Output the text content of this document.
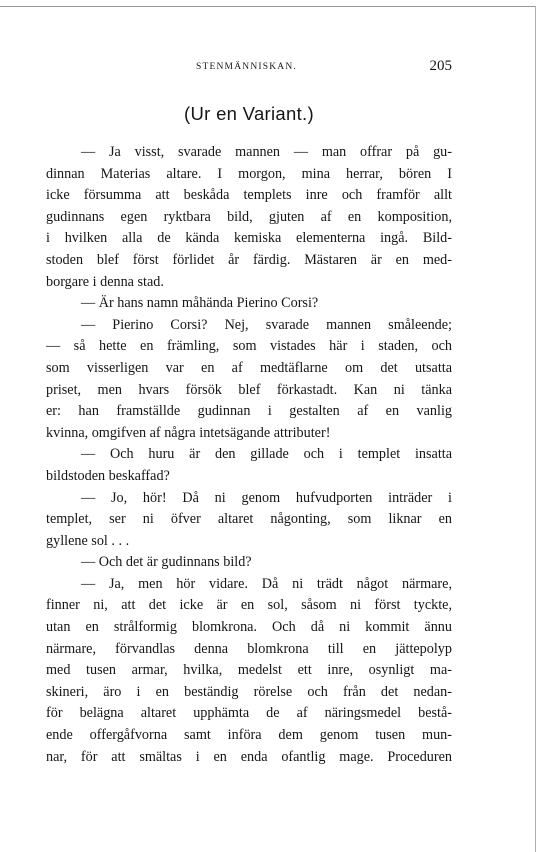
STENMÄNNISKAN.	205
(Ur en Variant.)
— Ja visst, svarade mannen — man offrar på gu-
dinnan Materias altare. I morgon, mina herrar, bören I
icke försumma att beskåda templets inre och framför allt
gudinnans egen ryktbara bild, gjuten af en komposition,
i hvilken alla de kända kemiska elementerna ingå. Bild-
stoden blef först förlidet år färdig. Mästaren är en med-
borgare i denna stad.
— Är hans namn måhända Pierino Corsi?
— Pierino Corsi? Nej, svarade mannen småleende;
— så hette en främling, som vistades här i staden, och
som visserligen var en af medtäflarne om det utsatta
priset, men hvars försök blef förkastadt. Kan ni tänka
er: han framställde gudinnan i gestalten af en vanlig
kvinna, omgifven af några intetsägande attributer!
— Och huru är den gillade och i templet insatta
bildstoden beskaffad?
— Jo, hör! Då ni genom hufvudporten inträder i
templet, ser ni öfver altaret någonting, som liknar en
gyllene sol . . .
— Och det är gudinnans bild?
— Ja, men hör vidare. Då ni trädt något närmare,
finner ni, att det icke är en sol, såsom ni först tyckte,
utan en strålformig blomkrona. Och då ni kommit ännu
närmare, förvandlas denna blomkrona till en jättepolyp
med tusen armar, hvilka, medelst ett inre, osynligt ma-
skineri, äro i en beständig rörelse och från det nedan-
för belägna altaret upphämta de af näringsmedel bestå-
ende offergåfvorna samt införa dem genom tusen mun-
nar, för att smältas i en enda ofantlig mage. Proceduren
